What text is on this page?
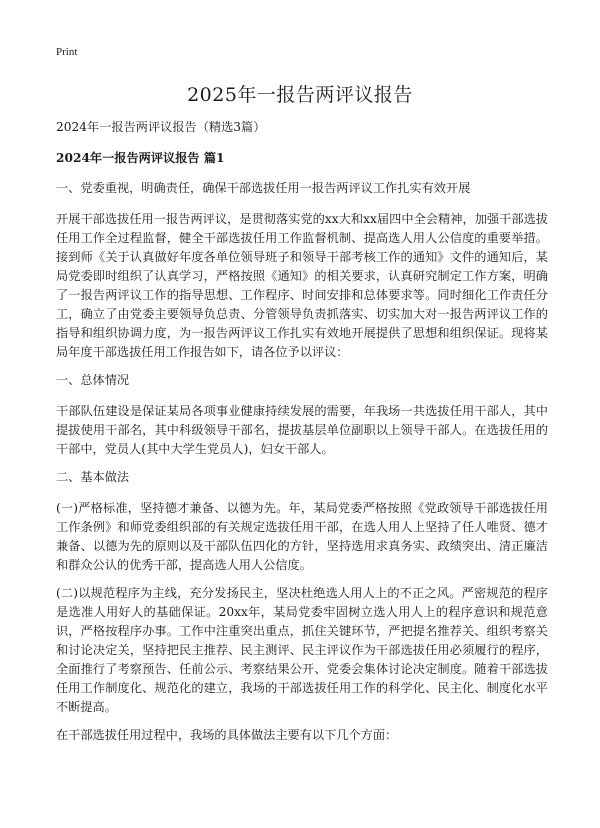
Print
2025年一报告两评议报告

2024年一报告两评议报告（精选3篇）

2024年一报告两评议报告 篇1

一、党委重视，明确责任，确保干部选拔任用一报告两评议工作扎实有效开展

开展干部选拔任用一报告两评议，是贯彻落实党的xx大和xx届四中全会精神，加强干部选拔任用工作全过程监督，健全干部选拔任用工作监督机制、提高选人用人公信度的重要举措。接到师《关于认真做好年度各单位领导班子和领导干部考核工作的通知》文件的通知后，某局党委即时组织了认真学习，严格按照《通知》的相关要求，认真研究制定工作方案，明确了一报告两评议工作的指导思想、工作程序、时间安排和总体要求等。同时细化工作责任分工，确立了由党委主要领导负总责、分管领导负责抓落实、切实加大对一报告两评议工作的指导和组织协调力度，为一报告两评议工作扎实有效地开展提供了思想和组织保证。现将某局年度干部选拔任用工作报告如下，请各位予以评议：

一、总体情况

干部队伍建设是保证某局各项事业健康持续发展的需要，年我场一共选拔任用干部人，其中提拔使用干部名，其中科级领导干部名，提拔基层单位副职以上领导干部人。在选拔任用的干部中，党员人(其中大学生党员人)，妇女干部人。

二、基本做法

(一)严格标准，坚持德才兼备、以德为先。年，某局党委严格按照《党政领导干部选拔任用工作条例》和师党委组织部的有关规定选拔任用干部，在选人用人上坚持了任人唯贤、德才兼备、以德为先的原则以及干部队伍四化的方针，坚持选用求真务实、政绩突出、清正廉洁和群众公认的优秀干部，提高选人用人公信度。

(二)以规范程序为主线，充分发扬民主，坚决杜绝选人用人上的不正之风。严密规范的程序是选准人用好人的基础保证。20xx年，某局党委牢固树立选人用人上的程序意识和规范意识，严格按程序办事。工作中注重突出重点，抓住关键环节，严把提名推荐关、组织考察关和讨论决定关，坚持把民主推荐、民主测评、民主评议作为干部选拔任用必须履行的程序，全面推行了考察预告、任前公示、考察结果公开、党委会集体讨论决定制度。随着干部选拔任用工作制度化、规范化的建立，我场的干部选拔任用工作的科学化、民主化、制度化水平不断提高。

在干部选拔任用过程中，我场的具体做法主要有以下几个方面：
